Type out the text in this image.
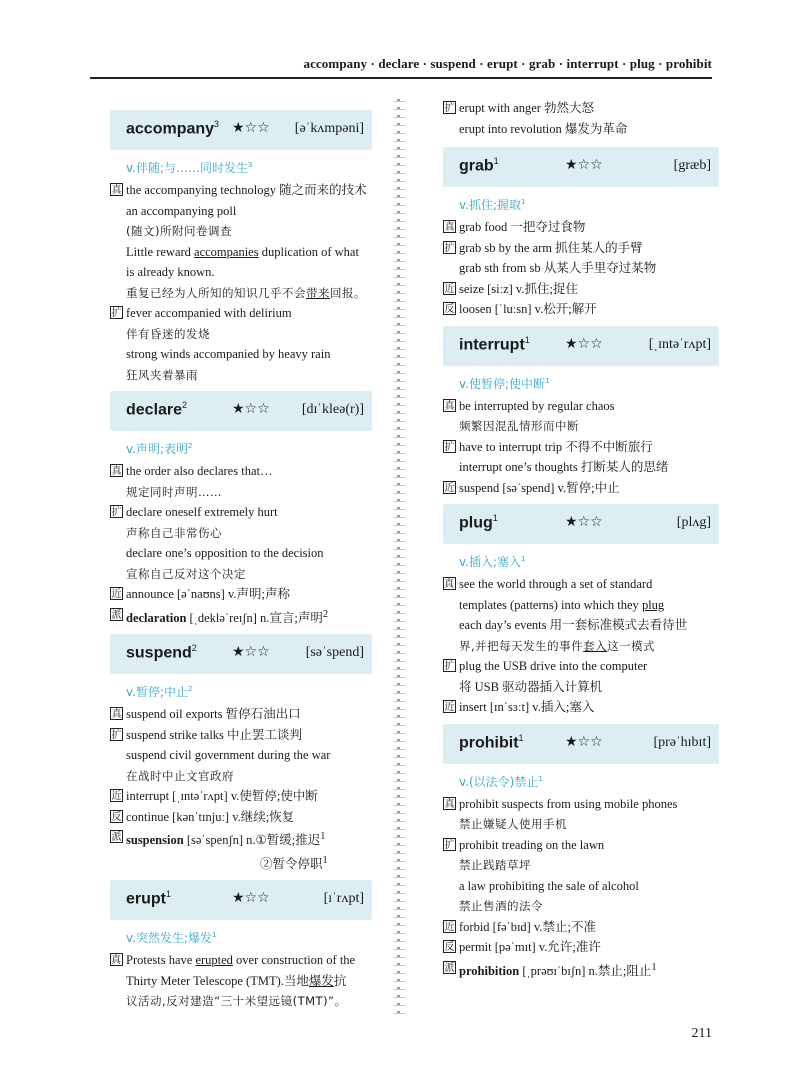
accompany · declare · suspend · erupt · grab · interrupt · plug · prohibit
accompany$^3$ ★☆☆ [əˈkʌmpəni]
v.伴随;与……同时发生$^3$
真 the accompanying technology 随之而来的技术
an accompanying poll
(随文)所附问卷调查
Little reward accompanies duplication of what
is already known.
重复已经为人所知的知识几乎不会带来回报。
扩 fever accompanied with delirium
伴有昏迷的发烧
strong winds accompanied by heavy rain
狂风夹着暴雨
declare$^2$	★☆☆ [dɪˈkleə(r)]
v.声明;表明$^2$
真 the order also declares that…
规定同时声明……
扩 declare oneself extremely hurt
声称自己非常伤心
declare one’s opposition to the decision
宣称自己反对这个决定
近 announce [əˈnaʊns] v.声明;声称
派 declaration [ˌdekləˈreɪʃn] n.宣言;声明$^2$
suspend$^2$	★☆☆	[səˈspend]
v.暂停;中止$^2$
真 suspend oil exports 暂停石油出口
扩 suspend strike talks 中止罢工谈判
suspend civil government during the war
在战时中止文官政府
近 interrupt [ˌɪntəˈrʌpt] v.使暂停;使中断
反 continue [kənˈtɪnjuː] v.继续;恢复
派 suspension [səˈspenʃn] n.①暂缓;推迟$^1$
②暂令停职$^1$
erupt$^1$	★☆☆	[ɪˈrʌpt]
v.突然发生;爆发$^1$
真 Protests have erupted over construction of the
Thirty Meter Telescope (TMT).当地爆发抗
议活动,反对建造“三十米望远镜(TMT)”。
扩 erupt with anger 勃然大怒
erupt into revolution 爆发为革命
grab$^1$	★☆☆	[græb]
v.抓住;握取$^1$
真 grab food 一把夺过食物
扩 grab sb by the arm 抓住某人的手臂
grab sth from sb 从某人手里夺过某物
近 seize [siːz] v.抓住;捉住
反 loosen [ˈluːsn] v.松开;解开
interrupt$^1$	★☆☆	[ˌɪntəˈrʌpt]
v.使暂停;使中断$^1$
真 be interrupted by regular chaos
频繁因混乱情形而中断
扩 have to interrupt trip 不得不中断旅行
interrupt one’s thoughts 打断某人的思绪
近 suspend [səˈspend] v.暂停;中止
plug$^1$	★☆☆	[plʌg]
v.插入;塞入$^1$
真 see the world through a set of standard
templates (patterns) into which they plug
each day’s events 用一套标准模式去看待世
界,并把每天发生的事件套入这一模式
扩 plug the USB drive into the computer
将 USB 驱动器插入计算机
近 insert [ɪnˈsɜːt] v.插入;塞入
prohibit$^1$	★☆☆	[prəˈhɪbɪt]
v.(以法令)禁止$^1$
真 prohibit suspects from using mobile phones
禁止嫌疑人使用手机
扩 prohibit treading on the lawn
禁止践踏草坪
a law prohibiting the sale of alcohol
禁止售酒的法令
近 forbid [fəˈbɪd] v.禁止;不准
反 permit [pəˈmɪt] v.允许;准许
派 prohibition [ˌprəʊɪˈbɪʃn] n.禁止;阻止$^1$
211
